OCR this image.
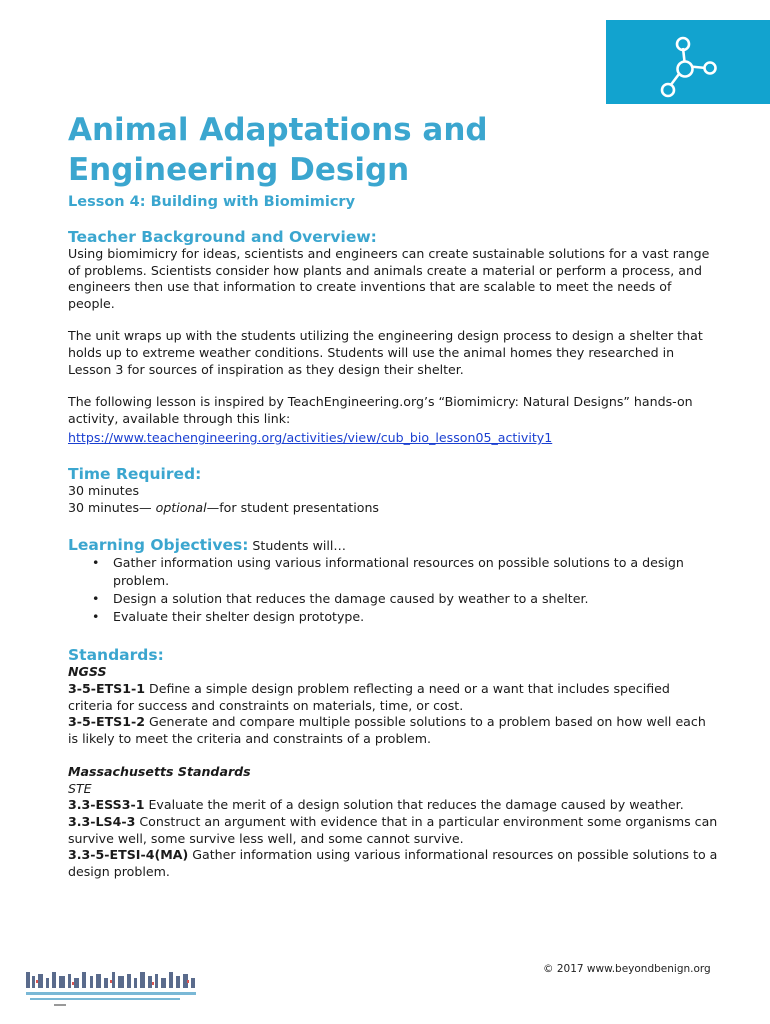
Animal Adaptations and
Engineering Design
Lesson 4: Building with Biomimicry
Teacher Background and Overview:

Using biomimicry for ideas, scientists and engineers can create sustainable solutions for a vast range of problems. Scientists consider how plants and animals create a material or perform a process, and engineers then use that information to create inventions that are scalable to meet the needs of people.

The unit wraps up with the students utilizing the engineering design process to design a shelter that holds up to extreme weather conditions. Students will use the animal homes they researched in Lesson 3 for sources of inspiration as they design their shelter.

The following lesson is inspired by TeachEngineering.org’s “Biomimicry: Natural Designs” hands-on activity, available through this link:

https://www.teachengineering.org/activities/view/cub_bio_lesson05_activity1
Time Required:

30 minutes

30 minutes— optional—for student presentations

Learning Objectives: Students will…
• Gather information using various informational resources on possible solutions to a design problem.
• Design a solution that reduces the damage caused by weather to a shelter.
• Evaluate their shelter design prototype.
Standards:

NGSS

3-5-ETS1-1 Define a simple design problem reflecting a need or a want that includes specified criteria for success and constraints on materials, time, or cost.

3-5-ETS1-2 Generate and compare multiple possible solutions to a problem based on how well each is likely to meet the criteria and constraints of a problem.

Massachusetts Standards

STE

3.3-ESS3-1 Evaluate the merit of a design solution that reduces the damage caused by weather.

3.3-LS4-3 Construct an argument with evidence that in a particular environment some organisms can survive well, some survive less well, and some cannot survive.

3.3-5-ETSI-4(MA) Gather information using various informational resources on possible solutions to a design problem.

© 2017 www.beyondbenign.org
